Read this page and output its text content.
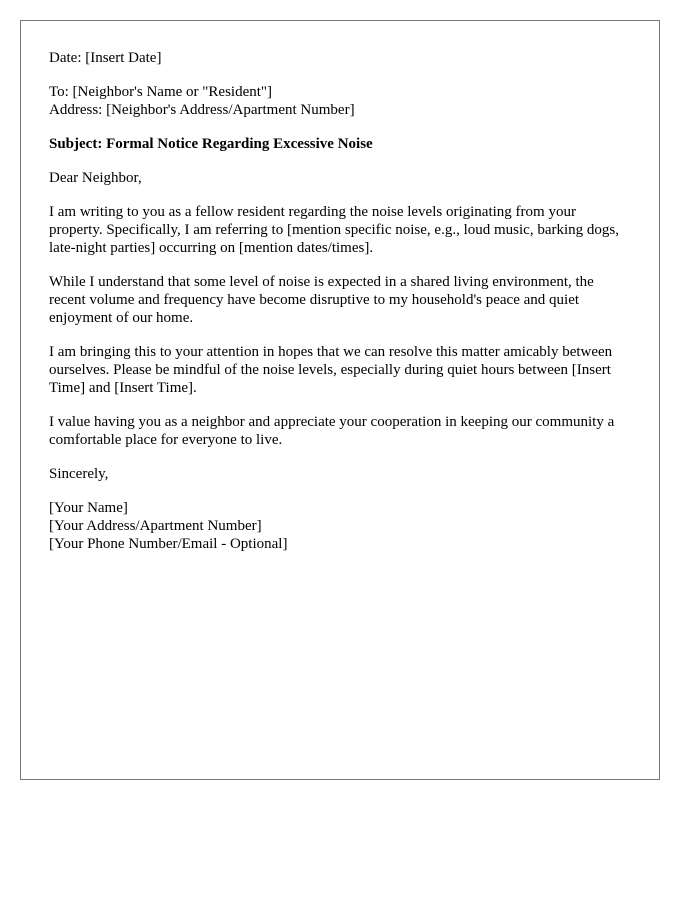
Date: [Insert Date]

To: [Neighbor's Name or "Resident"]
Address: [Neighbor's Address/Apartment Number]

Subject: Formal Notice Regarding Excessive Noise

Dear Neighbor,

I am writing to you as a fellow resident regarding the noise levels originating from your property. Specifically, I am referring to [mention specific noise, e.g., loud music, barking dogs, late-night parties] occurring on [mention dates/times].

While I understand that some level of noise is expected in a shared living environment, the recent volume and frequency have become disruptive to my household's peace and quiet enjoyment of our home.

I am bringing this to your attention in hopes that we can resolve this matter amicably between ourselves. Please be mindful of the noise levels, especially during quiet hours between [Insert Time] and [Insert Time].

I value having you as a neighbor and appreciate your cooperation in keeping our community a comfortable place for everyone to live.

Sincerely,

[Your Name]
[Your Address/Apartment Number]
[Your Phone Number/Email - Optional]
